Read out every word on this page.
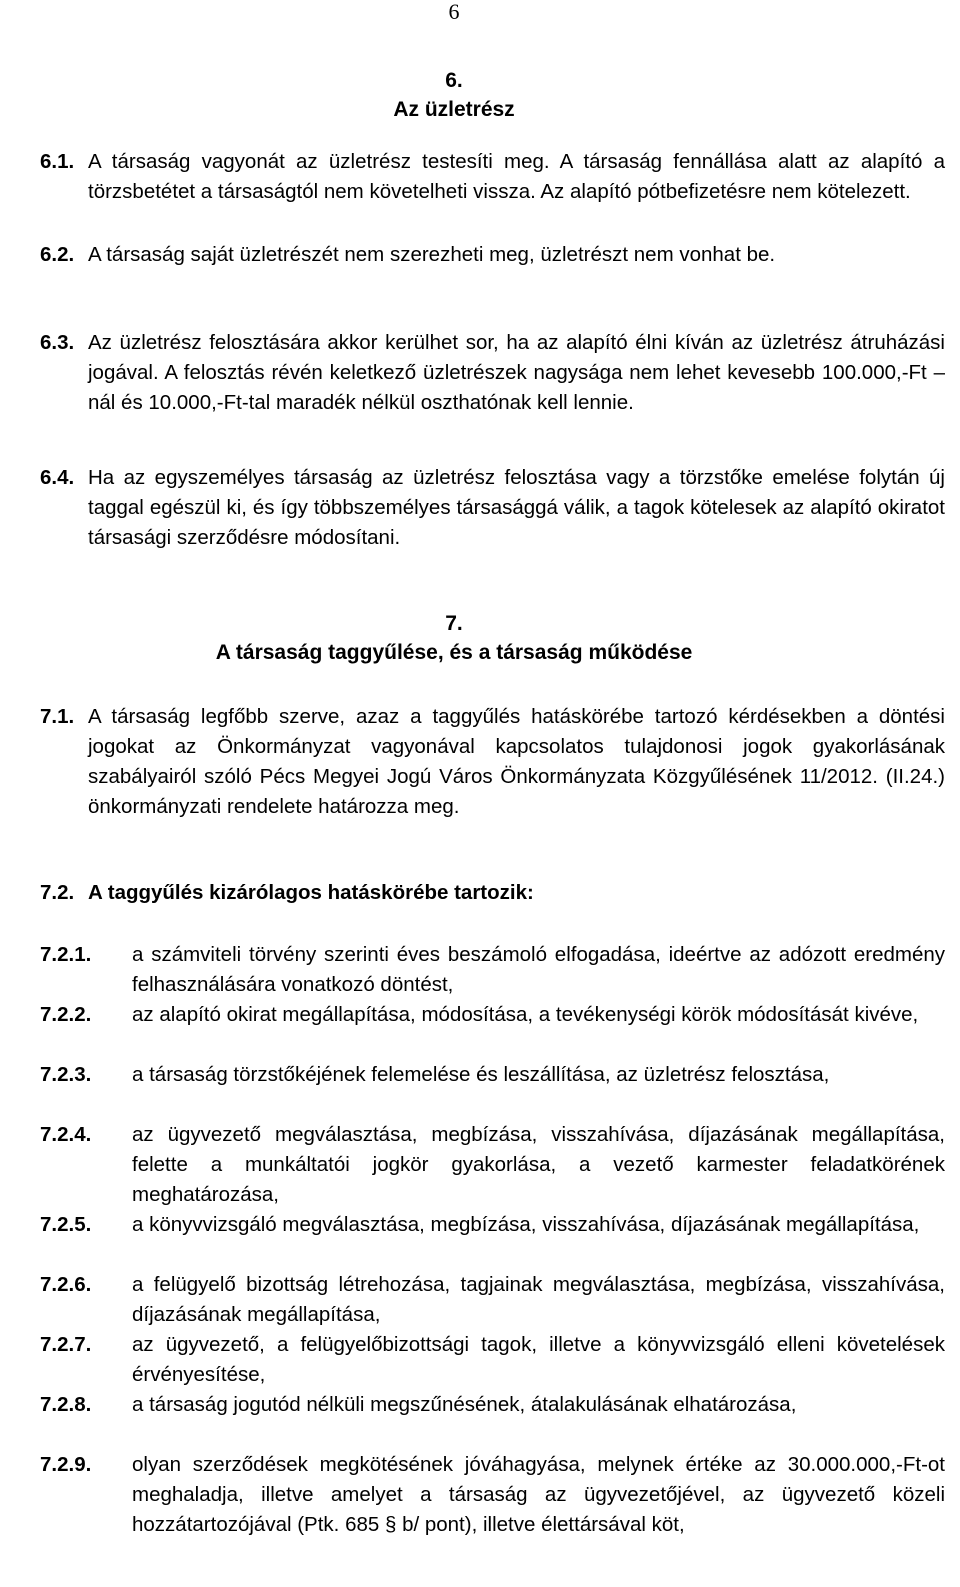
6
6.
Az üzletrész
6.1. A társaság vagyonát az üzletrész testesíti meg. A társaság fennállása alatt az alapító a törzsbetétet a társaságtól nem követelheti vissza. Az alapító pótbefizetésre nem kötelezett.
6.2. A társaság saját üzletrészét nem szerezheti meg, üzletrészt nem vonhat be.
6.3. Az üzletrész felosztására akkor kerülhet sor, ha az alapító élni kíván az üzletrész átruházási jogával. A felosztás révén keletkező üzletrészek nagysága nem lehet kevesebb 100.000,-Ft –nál és 10.000,-Ft-tal maradék nélkül oszthatónak kell lennie.
6.4. Ha az egyszemélyes társaság az üzletrész felosztása vagy a törzstőke emelése folytán új taggal egészül ki, és így többszemélyes társasággá válik, a tagok kötelesek az alapító okiratot társasági szerződésre módosítani.
7.
A társaság taggyűlése, és a társaság működése
7.1. A társaság legfőbb szerve, azaz a taggyűlés hatáskörébe tartozó kérdésekben a döntési jogokat az Önkormányzat vagyonával kapcsolatos tulajdonosi jogok gyakorlásának szabályairól szóló Pécs Megyei Jogú Város Önkormányzata Közgyűlésének 11/2012. (II.24.) önkormányzati rendelete határozza meg.
7.2. A taggyűlés kizárólagos hatáskörébe tartozik:
7.2.1. a számviteli törvény szerinti éves beszámoló elfogadása, ideértve az adózott eredmény felhasználására vonatkozó döntést,
7.2.2. az alapító okirat megállapítása, módosítása, a tevékenységi körök módosítását kivéve,
7.2.3. a társaság törzstőkéjének felemelése és leszállítása, az üzletrész felosztása,
7.2.4. az ügyvezető megválasztása, megbízása, visszahívása, díjazásának megállapítása, felette a munkáltatói jogkör gyakorlása, a vezető karmester feladatkörének meghatározása,
7.2.5. a könyvvizsgáló megválasztása, megbízása, visszahívása, díjazásának megállapítása,
7.2.6. a felügyelő bizottság létrehozása, tagjainak megválasztása, megbízása, visszahívása, díjazásának megállapítása,
7.2.7. az ügyvezető, a felügyelőbizottsági tagok, illetve a könyvvizsgáló elleni követelések érvényesítése,
7.2.8. a társaság jogutód nélküli megszűnésének, átalakulásának elhatározása,
7.2.9. olyan szerződések megkötésének jóváhagyása, melynek értéke az 30.000.000,-Ft-ot meghaladja, illetve amelyet a társaság az ügyvezetőjével, az ügyvezető közeli hozzátartozójával (Ptk. 685 § b/ pont), illetve élettársával köt,
